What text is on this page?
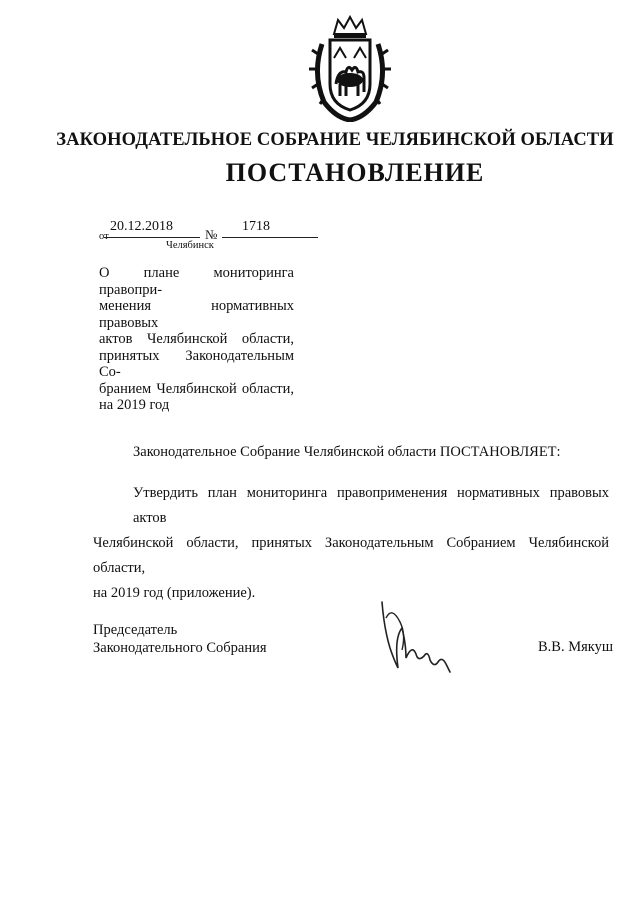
ЗАКОНОДАТЕЛЬНОЕ СОБРАНИЕ ЧЕЛЯБИНСКОЙ ОБЛАСТИ
ПОСТАНОВЛЕНИЕ
от
20.12.2018
№
1718
Челябинск
О плане мониторинга правопри-
менения нормативных правовых
актов Челябинской области,
принятых Законодательным Со-
бранием Челябинской области,
на 2019 год
Законодательное Собрание Челябинской области ПОСТАНОВЛЯЕТ:
Утвердить план мониторинга правоприменения нормативных правовых актов
Челябинской области, принятых Законодательным Собранием Челябинской области,
на 2019 год (приложение).
Председатель
Законодательного Собрания	В.В. Мякуш
